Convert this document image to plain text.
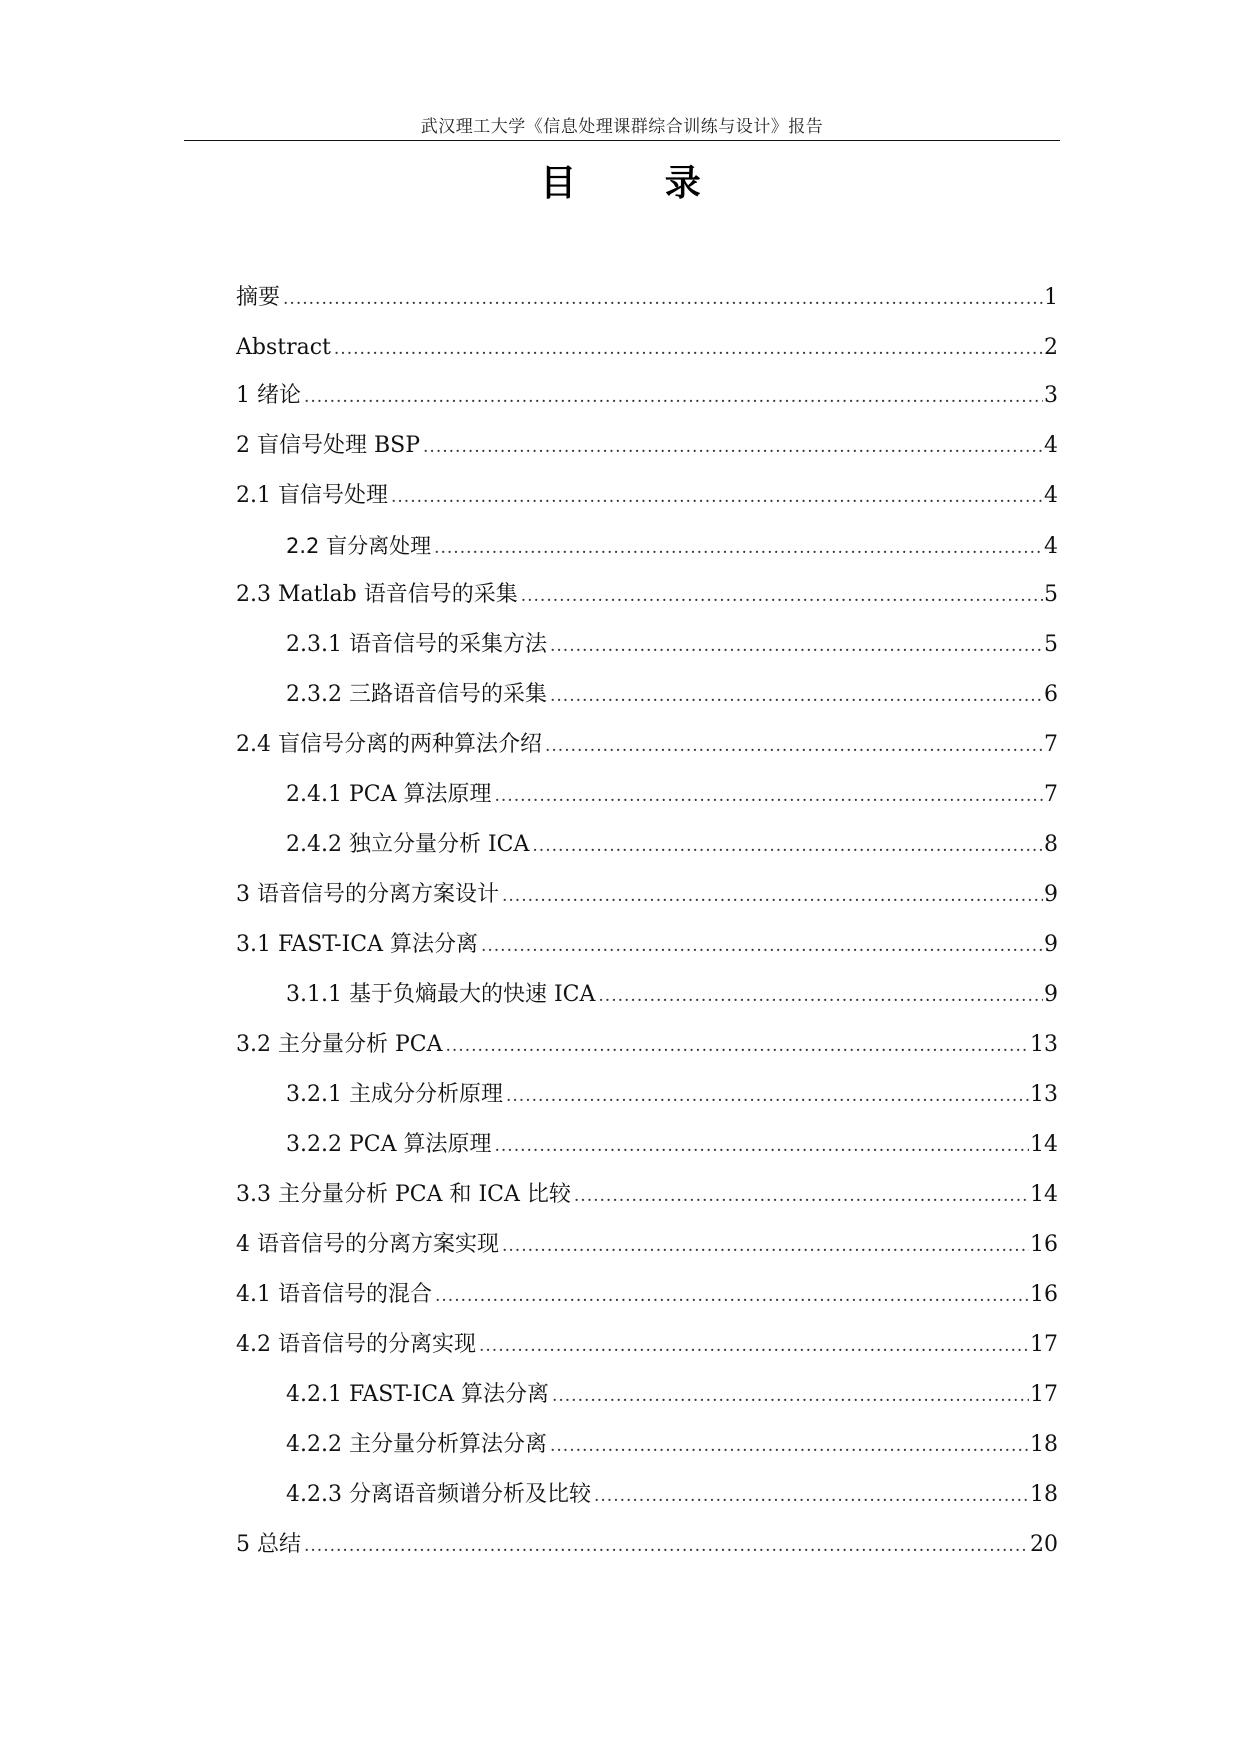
武汉理工大学《信息处理课群综合训练与设计》报告
目 录
摘要 .....	1
Abstract .....	2
1 绪论 .....	3
2 盲信号处理 BSP .....	4
2.1 盲信号处理 .....	4
2.2 盲分离处理 .....	4
2.3 Matlab 语音信号的采集 .....	5
2.3.1 语音信号的采集方法 .....	5
2.3.2 三路语音信号的采集 .....	6
2.4 盲信号分离的两种算法介绍 .....	7
2.4.1 PCA 算法原理 .....	7
2.4.2 独立分量分析 ICA .....	8
3 语音信号的分离方案设计 .....	9
3.1 FAST-ICA 算法分离 .....	9
3.1.1 基于负熵最大的快速 ICA .....	9
3.2 主分量分析 PCA .....	13
3.2.1 主成分分析原理 .....	13
3.2.2 PCA 算法原理 .....	14
3.3 主分量分析 PCA 和 ICA 比较 .....	14
4 语音信号的分离方案实现 .....	16
4.1 语音信号的混合 .....	16
4.2 语音信号的分离实现 .....	17
4.2.1 FAST-ICA 算法分离 .....	17
4.2.2 主分量分析算法分离 .....	18
4.2.3 分离语音频谱分析及比较 .....	18
5 总结 .....	20
